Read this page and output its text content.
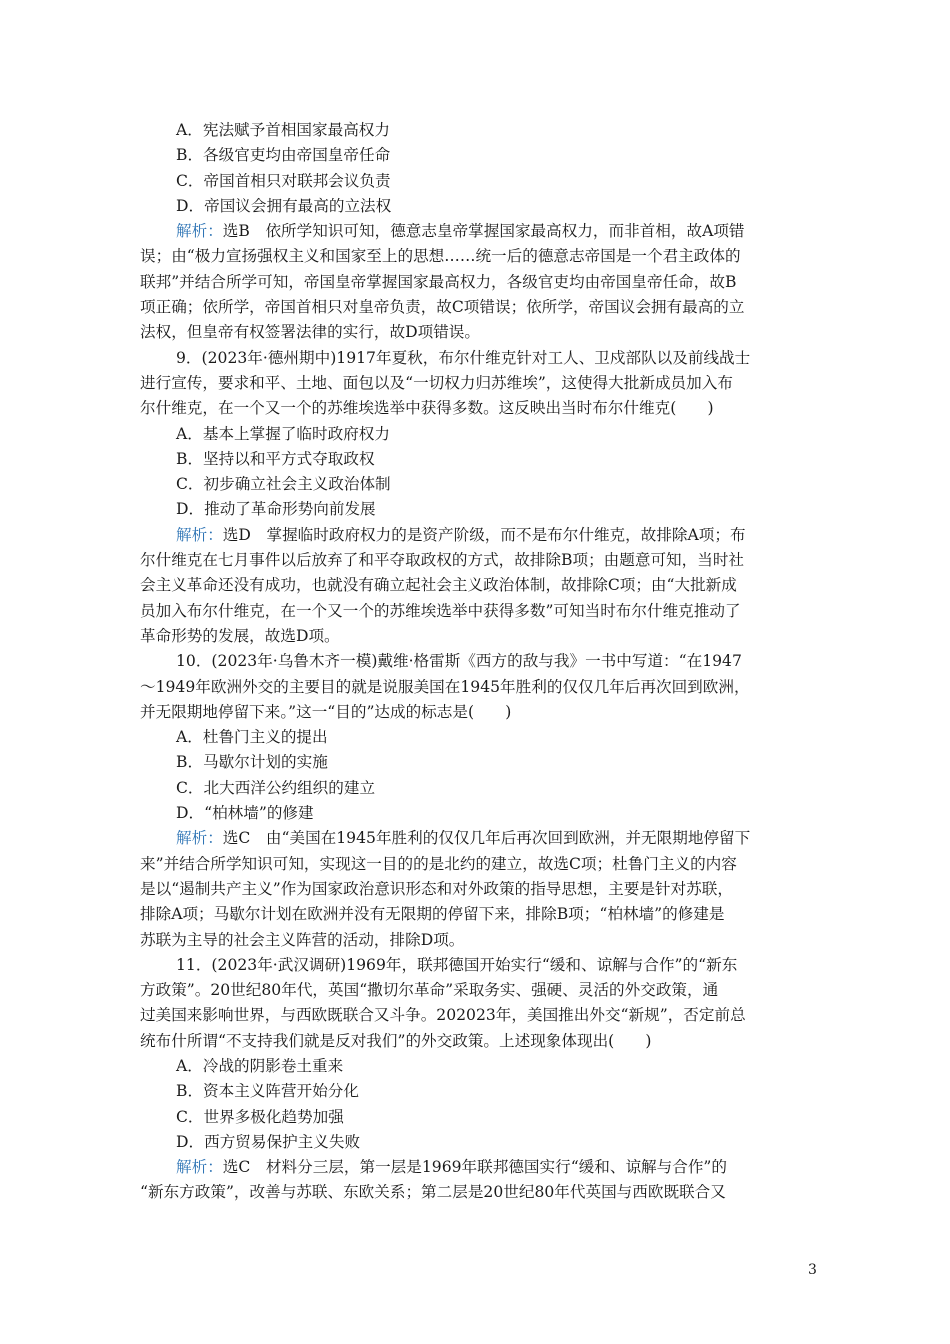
A．宪法赋予首相国家最高权力
B．各级官吏均由帝国皇帝任命
C．帝国首相只对联邦会议负责
D．帝国议会拥有最高的立法权
解析：选B　依所学知识可知，德意志皇帝掌握国家最高权力，而非首相，故A项错
误；由“极力宣扬强权主义和国家至上的思想……统一后的德意志帝国是一个君主政体的
联邦”并结合所学可知，帝国皇帝掌握国家最高权力，各级官吏均由帝国皇帝任命，故B
项正确；依所学，帝国首相只对皇帝负责，故C项错误；依所学，帝国议会拥有最高的立
法权，但皇帝有权签署法律的实行，故D项错误。
9．(2023年·德州期中)1917年夏秋，布尔什维克针对工人、卫戍部队以及前线战士
进行宣传，要求和平、土地、面包以及“一切权力归苏维埃”，这使得大批新成员加入布
尔什维克，在一个又一个的苏维埃选举中获得多数。这反映出当时布尔什维克(　　)
A．基本上掌握了临时政府权力
B．坚持以和平方式夺取政权
C．初步确立社会主义政治体制
D．推动了革命形势向前发展
解析：选D　掌握临时政府权力的是资产阶级，而不是布尔什维克，故排除A项；布
尔什维克在七月事件以后放弃了和平夺取政权的方式，故排除B项；由题意可知，当时社
会主义革命还没有成功，也就没有确立起社会主义政治体制，故排除C项；由“大批新成
员加入布尔什维克，在一个又一个的苏维埃选举中获得多数”可知当时布尔什维克推动了
革命形势的发展，故选D项。
10．(2023年·乌鲁木齐一模)戴维·格雷斯《西方的敌与我》一书中写道：“在1947
～1949年欧洲外交的主要目的就是说服美国在1945年胜利的仅仅几年后再次回到欧洲，
并无限期地停留下来。”这一“目的”达成的标志是(　　)
A．杜鲁门主义的提出
B．马歇尔计划的实施
C．北大西洋公约组织的建立
D．“柏林墙”的修建
解析：选C　由“美国在1945年胜利的仅仅几年后再次回到欧洲，并无限期地停留下
来”并结合所学知识可知，实现这一目的的是北约的建立，故选C项；杜鲁门主义的内容
是以“遏制共产主义”作为国家政治意识形态和对外政策的指导思想，主要是针对苏联，
排除A项；马歇尔计划在欧洲并没有无限期的停留下来，排除B项；“柏林墙”的修建是
苏联为主导的社会主义阵营的活动，排除D项。
11．(2023年·武汉调研)1969年，联邦德国开始实行“缓和、谅解与合作”的“新东
方政策”。20世纪80年代，英国“撒切尔革命”采取务实、强硬、灵活的外交政策，通
过美国来影响世界，与西欧既联合又斗争。202023年，美国推出外交“新规”，否定前总
统布什所谓“不支持我们就是反对我们”的外交政策。上述现象体现出(　　)
A．冷战的阴影卷土重来
B．资本主义阵营开始分化
C．世界多极化趋势加强
D．西方贸易保护主义失败
解析：选C　材料分三层，第一层是1969年联邦德国实行“缓和、谅解与合作”的
“新东方政策”，改善与苏联、东欧关系；第二层是20世纪80年代英国与西欧既联合又
3
